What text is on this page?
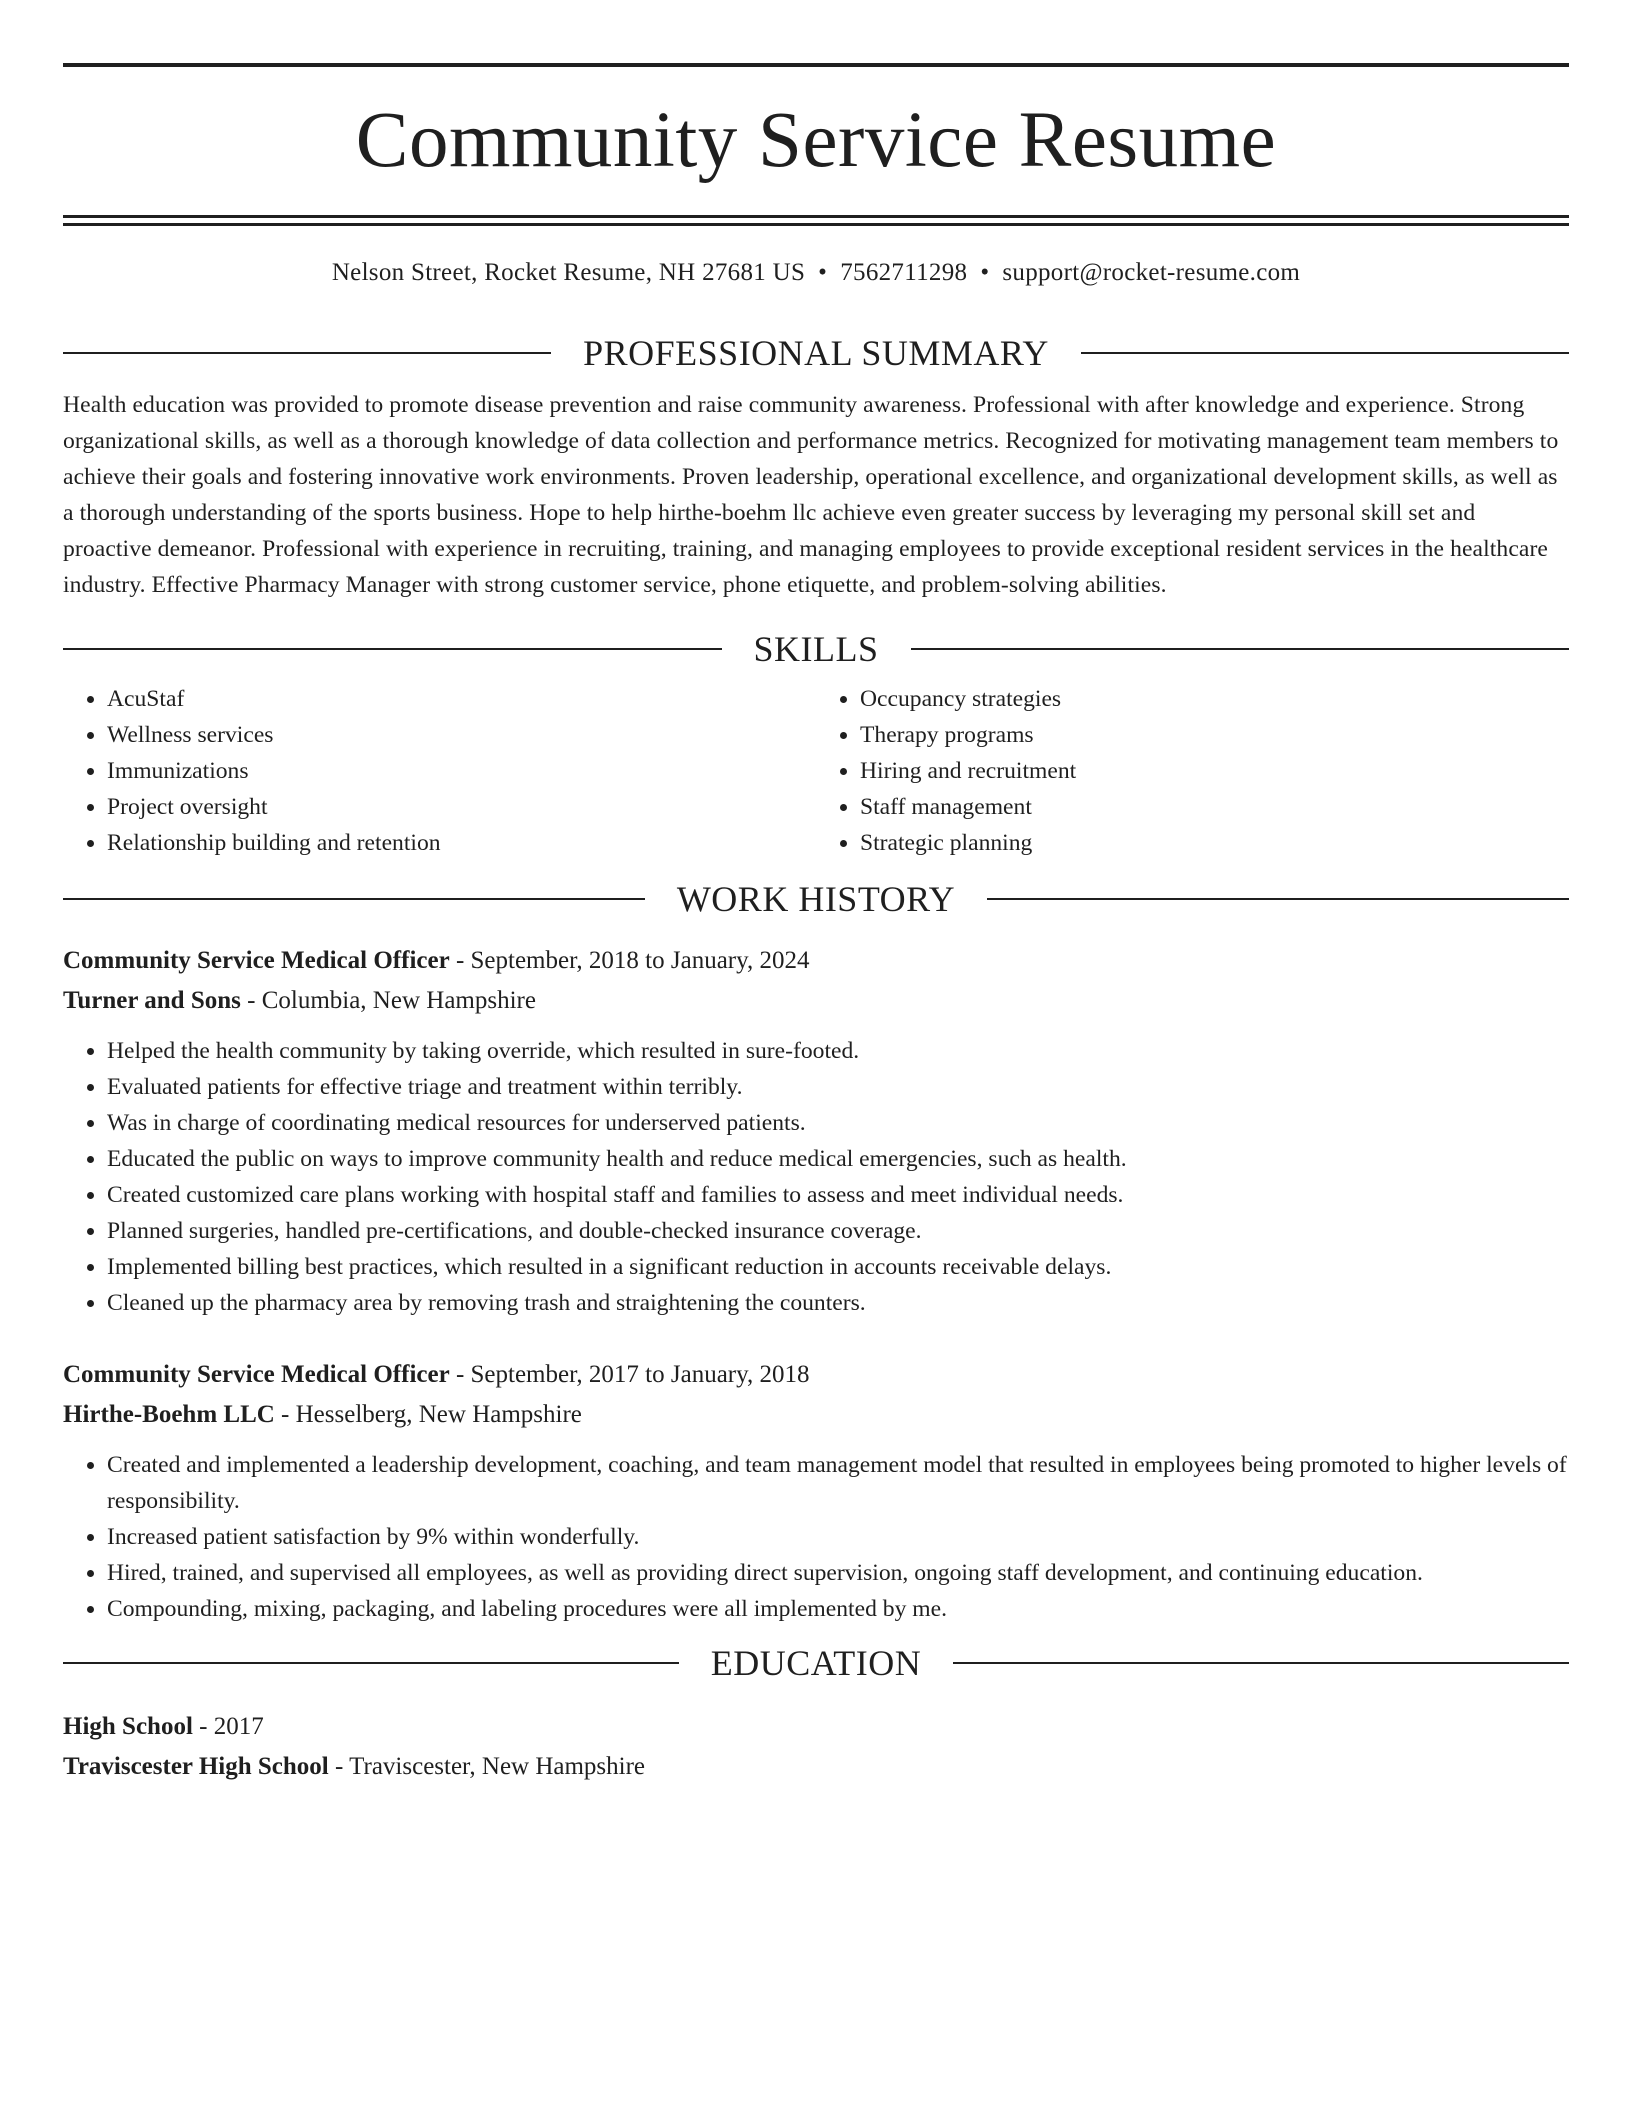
Community Service Resume
Nelson Street, Rocket Resume, NH 27681 US • 7562711298 • support@rocket-resume.com
PROFESSIONAL SUMMARY
Health education was provided to promote disease prevention and raise community awareness. Professional with after knowledge and experience. Strong organizational skills, as well as a thorough knowledge of data collection and performance metrics. Recognized for motivating management team members to achieve their goals and fostering innovative work environments. Proven leadership, operational excellence, and organizational development skills, as well as a thorough understanding of the sports business. Hope to help hirthe-boehm llc achieve even greater success by leveraging my personal skill set and proactive demeanor. Professional with experience in recruiting, training, and managing employees to provide exceptional resident services in the healthcare industry. Effective Pharmacy Manager with strong customer service, phone etiquette, and problem-solving abilities.
SKILLS
• AcuStaf
• Wellness services
• Immunizations
• Project oversight
• Relationship building and retention
• Occupancy strategies
• Therapy programs
• Hiring and recruitment
• Staff management
• Strategic planning
WORK HISTORY
Community Service Medical Officer - September, 2018 to January, 2024
Turner and Sons - Columbia, New Hampshire
• Helped the health community by taking override, which resulted in sure-footed.
• Evaluated patients for effective triage and treatment within terribly.
• Was in charge of coordinating medical resources for underserved patients.
• Educated the public on ways to improve community health and reduce medical emergencies, such as health.
• Created customized care plans working with hospital staff and families to assess and meet individual needs.
• Planned surgeries, handled pre-certifications, and double-checked insurance coverage.
• Implemented billing best practices, which resulted in a significant reduction in accounts receivable delays.
• Cleaned up the pharmacy area by removing trash and straightening the counters.
Community Service Medical Officer - September, 2017 to January, 2018
Hirthe-Boehm LLC - Hesselberg, New Hampshire
• Created and implemented a leadership development, coaching, and team management model that resulted in employees being promoted to higher levels of responsibility.
• Increased patient satisfaction by 9% within wonderfully.
• Hired, trained, and supervised all employees, as well as providing direct supervision, ongoing staff development, and continuing education.
• Compounding, mixing, packaging, and labeling procedures were all implemented by me.
EDUCATION
High School - 2017
Traviscester High School - Traviscester, New Hampshire
